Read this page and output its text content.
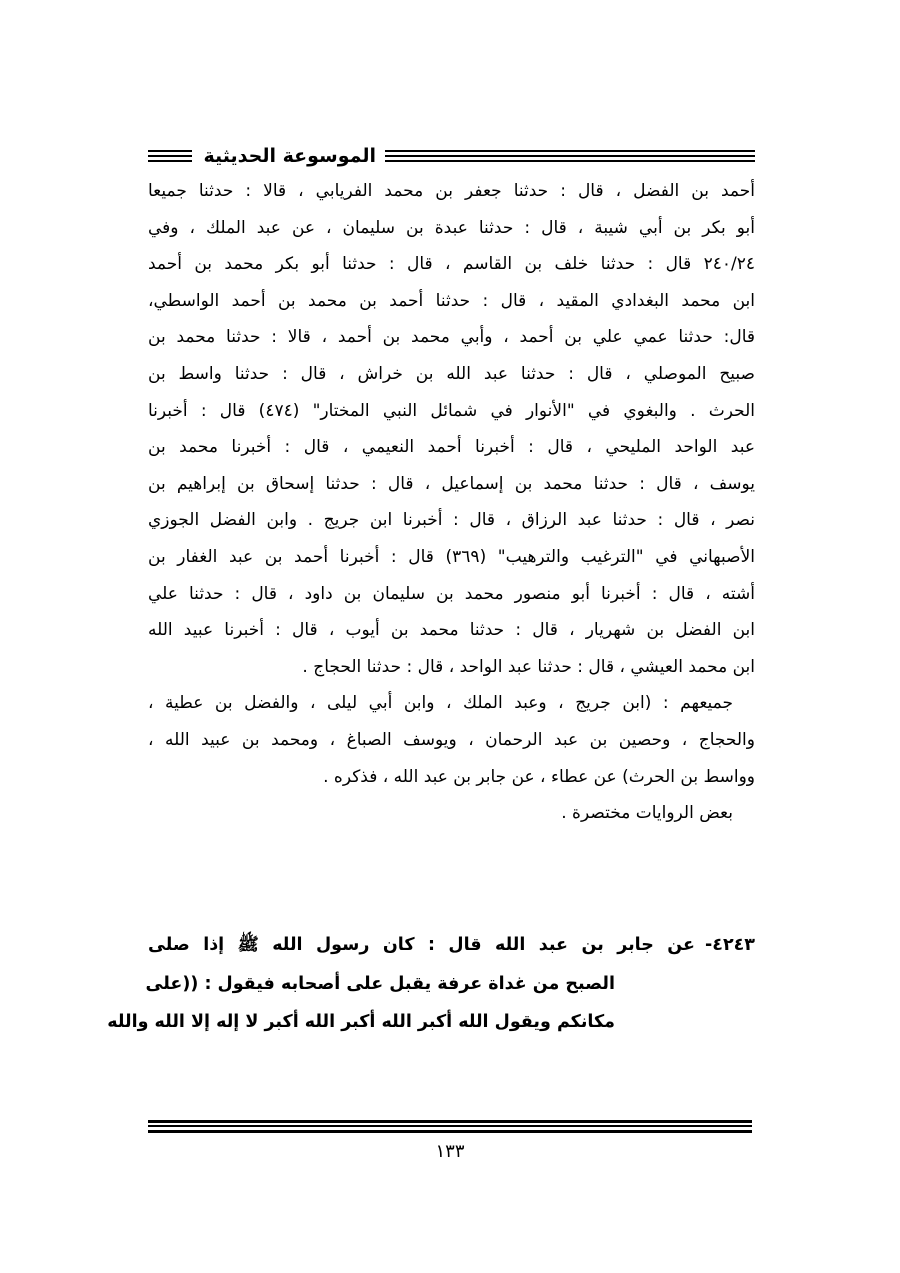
الموسوعة الحديثية
أحمد بن الفضل ، قال : حدثنا جعفر بن محمد الفريابي ، قالا : حدثنا جميعا
أبو بكر بن أبي شيبة ، قال : حدثنا عبدة بن سليمان ، عن عبد الملك ، وفي
٢٤٠/٢٤ قال : حدثنا خلف بن القاسم ، قال : حدثنا أبو بكر محمد بن أحمد
ابن محمد البغدادي المقيد ، قال : حدثنا أحمد بن محمد بن أحمد الواسطي،
قال: حدثنا عمي علي بن أحمد ، وأبي محمد بن أحمد ، قالا : حدثنا محمد بن
صبيح الموصلي ، قال : حدثنا عبد الله بن خراش ، قال : حدثنا واسط بن
الحرث . والبغوي في "الأنوار في شمائل النبي المختار" (٤٧٤) قال : أخبرنا
عبد الواحد المليحي ، قال : أخبرنا أحمد النعيمي ، قال : أخبرنا محمد بن
يوسف ، قال : حدثنا محمد بن إسماعيل ، قال : حدثنا إسحاق بن إبراهيم بن
نصر ، قال : حدثنا عبد الرزاق ، قال : أخبرنا ابن جريج . وابن الفضل الجوزي
الأصبهاني في "الترغيب والترهيب" (٣٦٩) قال : أخبرنا أحمد بن عبد الغفار بن
أشته ، قال : أخبرنا أبو منصور محمد بن سليمان بن داود ، قال : حدثنا علي
ابن الفضل بن شهريار ، قال : حدثنا محمد بن أيوب ، قال : أخبرنا عبيد الله
ابن محمد العيشي ، قال : حدثنا عبد الواحد ، قال : حدثنا الحجاج .
جميعهم : (ابن جريج ، وعبد الملك ، وابن أبي ليلى ، والفضل بن عطية ،
والحجاج ، وحصين بن عبد الرحمان ، ويوسف الصباغ ، ومحمد بن عبيد الله ،
وواسط بن الحرث) عن عطاء ، عن جابر بن عبد الله ، فذكره .
بعض الروايات مختصرة .
٤٢٤٣-عن جابر بن عبد الله قال : كان رسول الله ﷺ إذا صلى
الصبح من غداة عرفة يقبل على أصحابه فيقول : ((على
مكانكم ويقول الله أكبر الله أكبر الله أكبر لا إله إلا الله والله
١٣٣
